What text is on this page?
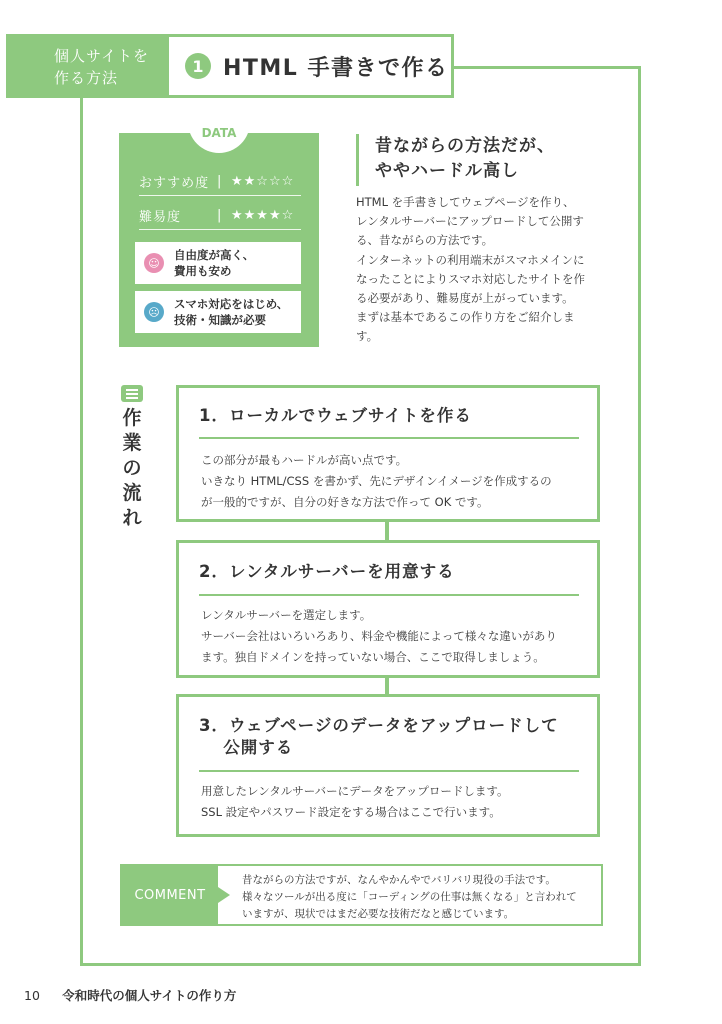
個人サイトを
作る方法
1 HTML 手書きで作る
DATA
おすすめ度 | ★★☆☆☆
難易度	| ★★★★☆
☺
自由度が高く、
費用も安め
☹
スマホ対応をはじめ、
技術・知識が必要
昔ながらの方法だが、
ややハードル高し
HTML を手書きしてウェブページを作り、
レンタルサーバーにアップロードして公開す
る、昔ながらの方法です。
インターネットの利用端末がスマホメインに
なったことによりスマホ対応したサイトを作
る必要があり、難易度が上がっています。
まずは基本であるこの作り方をご紹介しま
す。
作
業
の
流
れ
1．ローカルでウェブサイトを作る
この部分が最もハードルが高い点です。
いきなり HTML/CSS を書かず、先にデザインイメージを作成するの
が一般的ですが、自分の好きな方法で作って OK です。
2．レンタルサーバーを用意する
レンタルサーバーを選定します。
サーバー会社はいろいろあり、料金や機能によって様々な違いがあり
ます。独自ドメインを持っていない場合、ここで取得しましょう。
3．ウェブページのデータをアップロードして
　 公開する
用意したレンタルサーバーにデータをアップロードします。
SSL 設定やパスワード設定をする場合はここで行います。
COMMENT
昔ながらの方法ですが、なんやかんやでバリバリ現役の手法です。
様々なツールが出る度に「コーディングの仕事は無くなる」と言われて
いますが、現状ではまだ必要な技術だなと感じています。
10 令和時代の個人サイトの作り方
